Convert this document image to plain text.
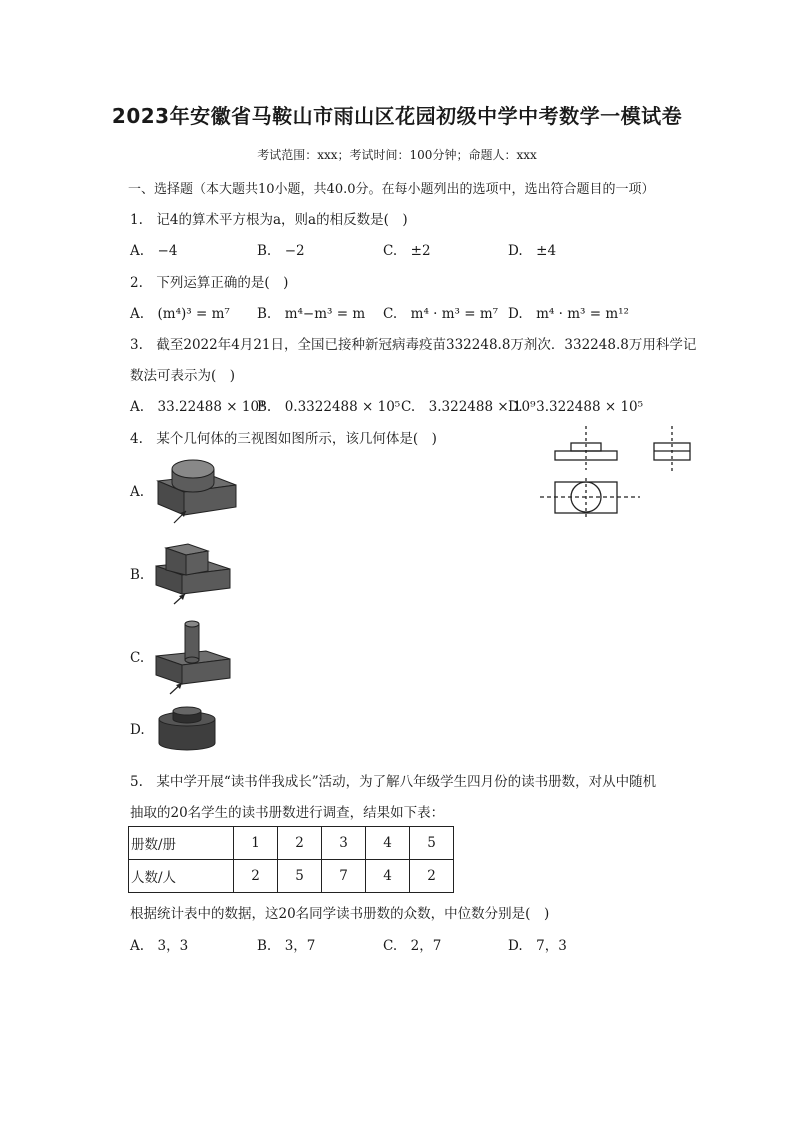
2023年安徽省马鞍山市雨山区花园初级中学中考数学一模试卷
考试范围：xxx；考试时间：100分钟；命题人：xxx
一、选择题（本大题共10小题，共40.0分。在每小题列出的选项中，选出符合题目的一项）
1.　记4的算术平方根为a，则a的相反数是(　)
A.　−4	B.　−2	C.　±2	D.　±4
2.　下列运算正确的是(　)
A.　(m⁴)³ = m⁷ B.　m⁴−m³ = m C.　m⁴ · m³ = m⁷ D.　m⁴ · m³ = m¹²
3.　截至2022年4月21日，全国已接种新冠病毒疫苗332248.8万剂次．332248.8万用科学记
数法可表示为(　)
A.　33.22488 × 10⁴
B.　0.3322488 × 10⁵ C.　3.322488 × 10⁹
D.　3.322488 × 10⁵
4.　某个几何体的三视图如图所示，该几何体是(　)
A.
B.
C.
D.
5.　某中学开展“读书伴我成长”活动，为了解八年级学生四月份的读书册数，对从中随机
抽取的20名学生的读书册数进行调查，结果如下表：
册数/册	1	2	3	4	5
人数/人	2	5	7	4	2
根据统计表中的数据，这20名同学读书册数的众数，中位数分别是(　)
A.　3，3	B.　3，7	C.　2，7	D.　7，3
